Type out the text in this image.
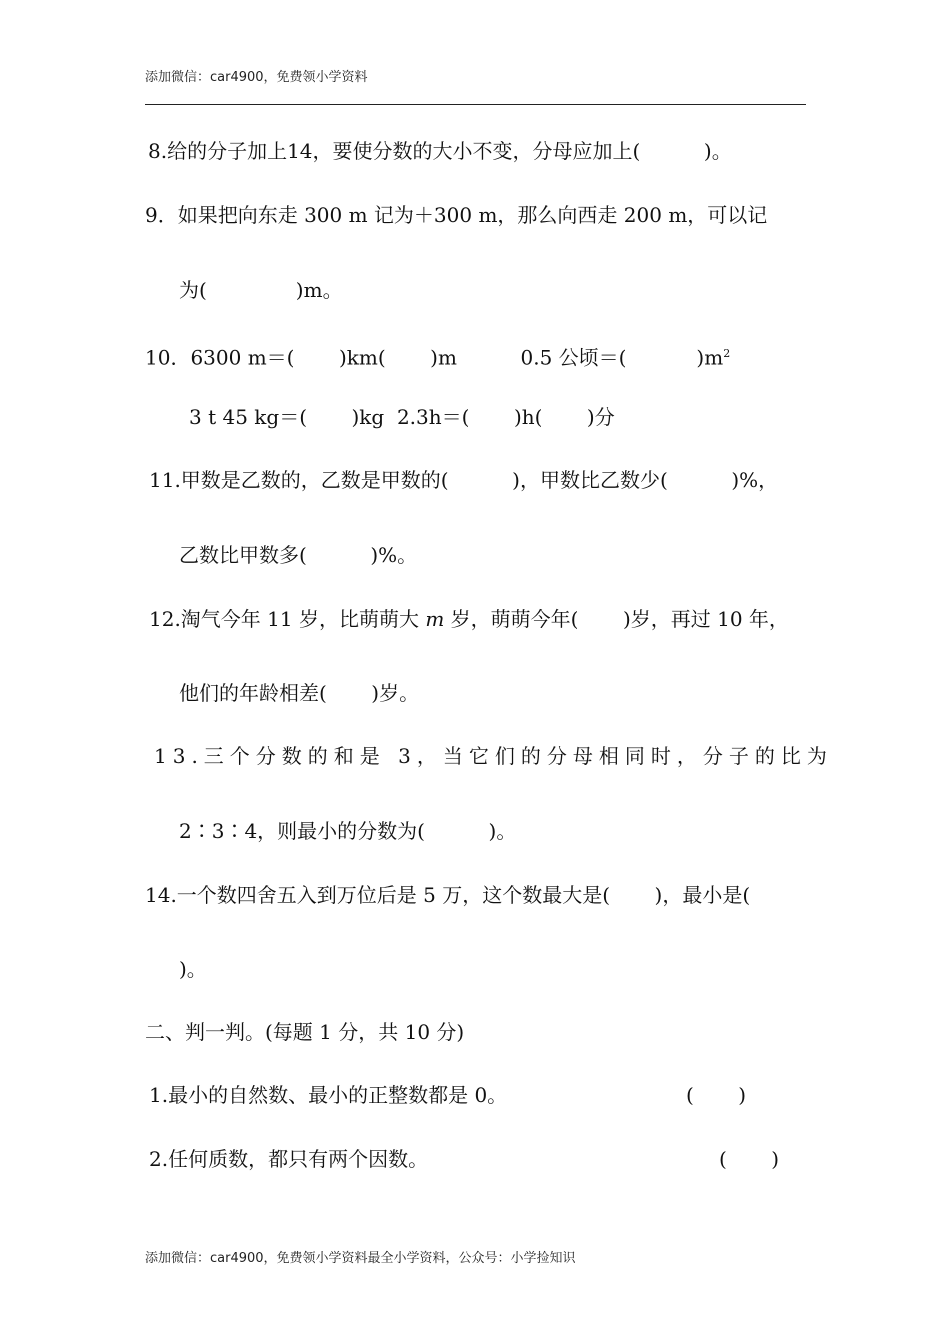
添加微信：car4900，免费领小学资料
8.给的分子加上14，要使分数的大小不变，分母应加上(          )。
9．如果把向东走 300 m 记为＋300 m，那么向西走 200 m，可以记
为(              )m。
10．6300 m＝(       )km(       )m          0.5 公顷＝(           )$m^2$
3 t 45 kg＝(       )kg  2.3h＝(       )h(       )分
11.甲数是乙数的，乙数是甲数的(          )，甲数比乙数少(          )%，
乙数比甲数多(          )%。
12.淘气今年 11 岁，比萌萌大 m 岁，萌萌今年(       )岁，再过 10 年，
他们的年龄相差(       )岁。
13.三个分数的和是 3，当它们的分母相同时，分子的比为
2∶3∶4，则最小的分数为(          )。
14.一个数四舍五入到万位后是 5 万，这个数最大是(       )，最小是(
)。
二、判一判。(每题 1 分，共 10 分)
1.最小的自然数、最小的正整数都是 0。	(       )
2.任何质数，都只有两个因数。	(       )
添加微信：car4900，免费领小学资料最全小学资料，公众号：小学捡知识
